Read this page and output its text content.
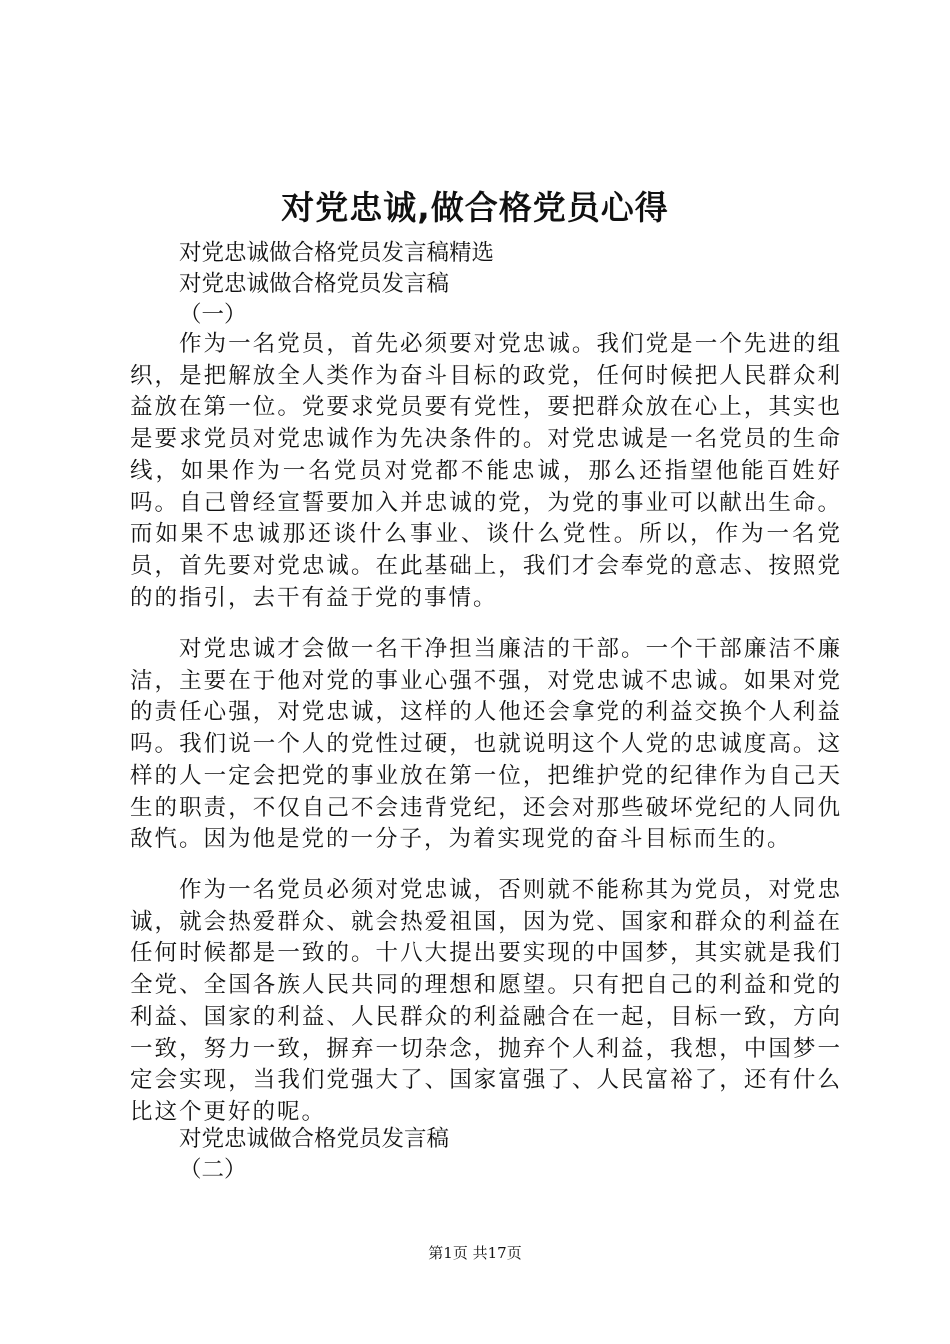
对党忠诚,做合格党员心得
对党忠诚做合格党员发言稿精选
对党忠诚做合格党员发言稿
（一）
作为一名党员，首先必须要对党忠诚。我们党是一个先进的组织，是把解放全人类作为奋斗目标的政党，任何时候把人民群众利益放在第一位。党要求党员要有党性，要把群众放在心上，其实也是要求党员对党忠诚作为先决条件的。对党忠诚是一名党员的生命线，如果作为一名党员对党都不能忠诚，那么还指望他能百姓好吗。自己曾经宣誓要加入并忠诚的党，为党的事业可以献出生命。而如果不忠诚那还谈什么事业、谈什么党性。所以，作为一名党员，首先要对党忠诚。在此基础上，我们才会奉党的意志、按照党的的指引，去干有益于党的事情。
对党忠诚才会做一名干净担当廉洁的干部。一个干部廉洁不廉洁，主要在于他对党的事业心强不强，对党忠诚不忠诚。如果对党的责任心强，对党忠诚，这样的人他还会拿党的利益交换个人利益吗。我们说一个人的党性过硬，也就说明这个人党的忠诚度高。这样的人一定会把党的事业放在第一位，把维护党的纪律作为自己天生的职责，不仅自己不会违背党纪，还会对那些破坏党纪的人同仇敌忾。因为他是党的一分子，为着实现党的奋斗目标而生的。
作为一名党员必须对党忠诚，否则就不能称其为党员，对党忠诚，就会热爱群众、就会热爱祖国，因为党、国家和群众的利益在任何时候都是一致的。十八大提出要实现的中国梦，其实就是我们全党、全国各族人民共同的理想和愿望。只有把自己的利益和党的利益、国家的利益、人民群众的利益融合在一起，目标一致，方向一致，努力一致，摒弃一切杂念，抛弃个人利益，我想，中国梦一定会实现，当我们党强大了、国家富强了、人民富裕了，还有什么比这个更好的呢。
对党忠诚做合格党员发言稿
（二）
第1页 共17页
